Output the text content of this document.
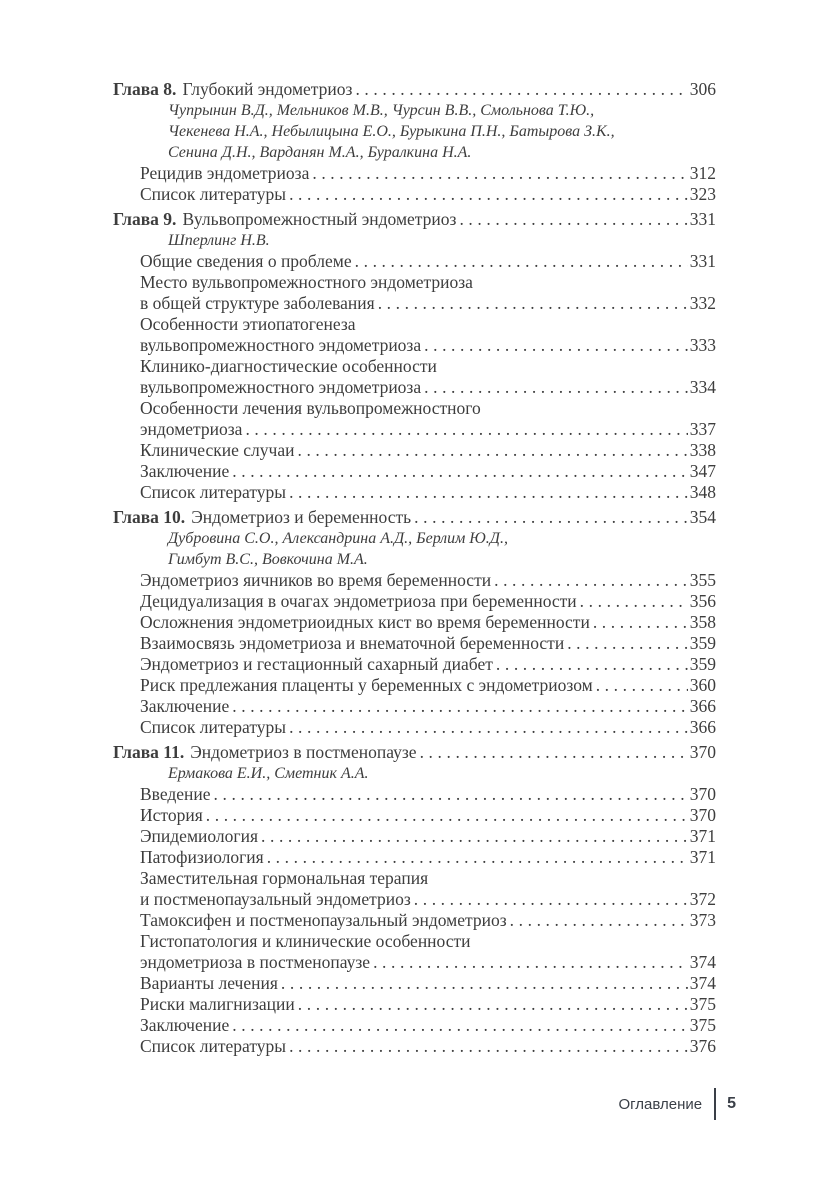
Глава 8. Глубокий эндометриоз .....	306
Чупрынин В.Д., Мельников М.В., Чурсин В.В., Смольнова Т.Ю.,
Чекенева Н.А., Небылицына Е.О., Бурыкина П.Н., Батырова З.К.,
Сенина Д.Н., Варданян М.А., Буралкина Н.А.
Рецидив эндометриоза .....	312
Список литературы .....	323
Глава 9. Вульвопромежностный эндометриоз .....	331
Шперлинг Н.В.
Общие сведения о проблеме .....	331
Место вульвопромежностного эндометриоза
в общей структуре заболевания .....	332
Особенности этиопатогенеза
вульвопромежностного эндометриоза .....	333
Клинико-диагностические особенности
вульвопромежностного эндометриоза .....	334
Особенности лечения вульвопромежностного
эндометриоза .....	337
Клинические случаи .....	338
Заключение .....	347
Список литературы .....	348
Глава 10. Эндометриоз и беременность .....	354
Дубровина С.О., Александрина А.Д., Берлим Ю.Д.,
Гимбут В.С., Вовкочина М.А.
Эндометриоз яичников во время беременности .....	355
Децидуализация в очагах эндометриоза при беременности .....	356
Осложнения эндометриоидных кист во время беременности .....	358
Взаимосвязь эндометриоза и внематочной беременности .....	359
Эндометриоз и гестационный сахарный диабет .....	359
Риск предлежания плаценты у беременных с эндометриозом .....	360
Заключение .....	366
Список литературы .....	366
Глава 11. Эндометриоз в постменопаузе .....	370
Ермакова Е.И., Сметник А.А.
Введение .....	370
История .....	370
Эпидемиология .....	371
Патофизиология .....	371
Заместительная гормональная терапия
и постменопаузальный эндометриоз .....	372
Тамоксифен и постменопаузальный эндометриоз .....	373
Гистопатология и клинические особенности
эндометриоза в постменопаузе .....	374
Варианты лечения .....	374
Риски малигнизации .....	375
Заключение .....	375
Список литературы .....	376
Оглавление 5
